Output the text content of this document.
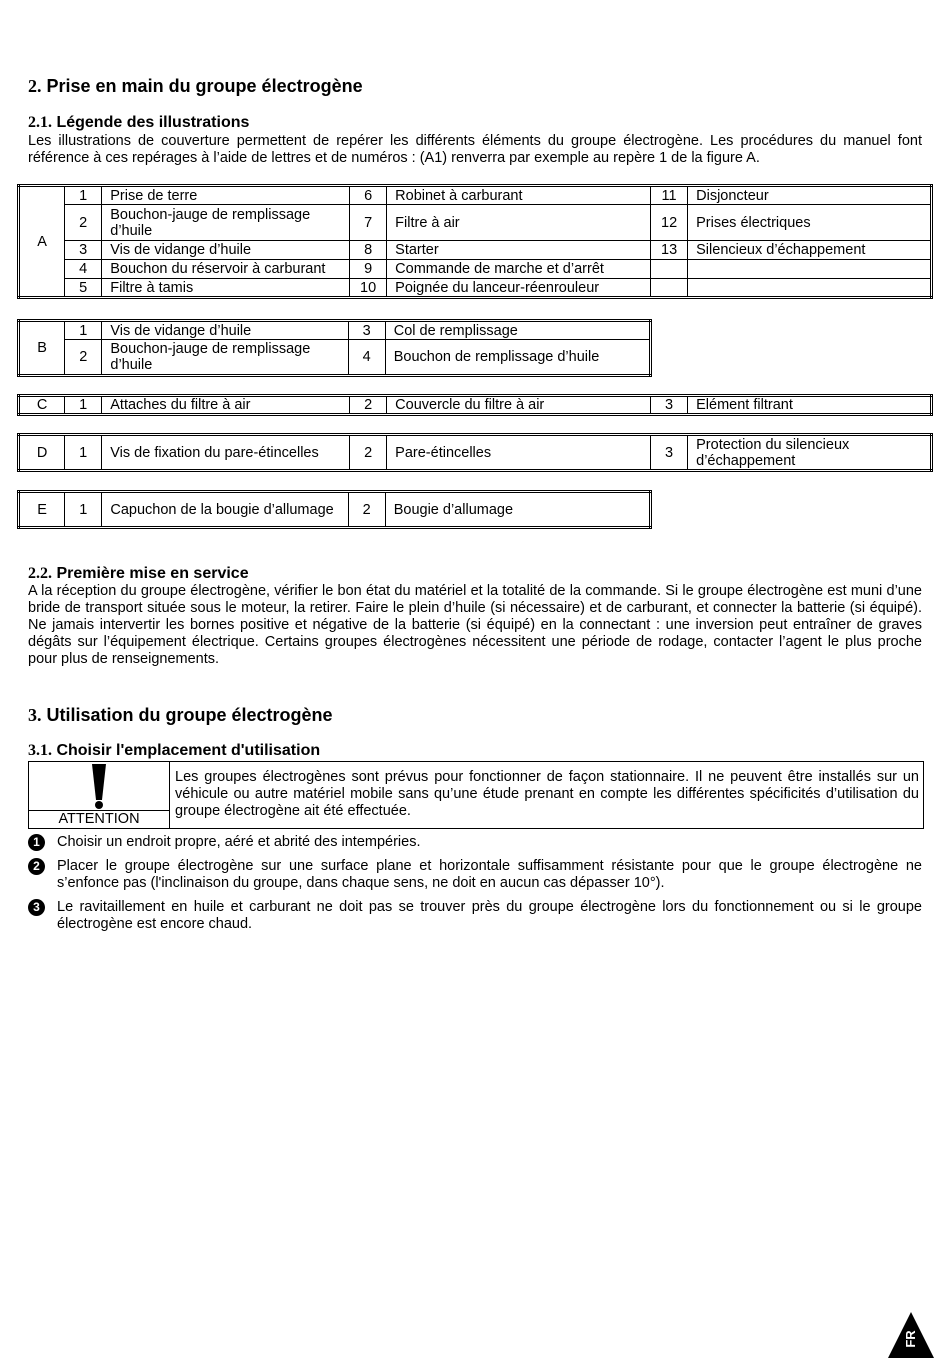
2. Prise en main du groupe électrogène
2.1. Légende des illustrations
Les illustrations de couverture permettent de repérer les différents éléments du groupe électrogène. Les procédures du manuel font référence à ces repérages à l’aide de lettres et de numéros : (A1) renverra par exemple au repère 1 de la figure A.
A	1	Prise de terre	6	Robinet à carburant	11	Disjoncteur
	2	Bouchon-jauge de remplissage d’huile	7	Filtre à air	12	Prises électriques
	3	Vis de vidange d’huile	8	Starter	13	Silencieux d’échappement
	4	Bouchon du réservoir à carburant	9	Commande de marche et d’arrêt		
	5	Filtre à tamis	10	Poignée du lanceur-réenrouleur		
B	1	Vis de vidange d’huile	3	Col de remplissage
	2	Bouchon-jauge de remplissage d’huile	4	Bouchon de remplissage d’huile
C	1	Attaches du filtre à air	2	Couvercle du filtre à air	3	Elément filtrant
D	1	Vis de fixation du pare-étincelles	2	Pare-étincelles	3	Protection du silencieux d’échappement
E	1	Capuchon de la bougie d’allumage	2	Bougie d’allumage
2.2. Première mise en service
A la réception du groupe électrogène, vérifier le bon état du matériel et la totalité de la commande. Si le groupe électrogène est muni d’une bride de transport située sous le moteur, la retirer. Faire le plein d’huile (si nécessaire) et de carburant, et connecter la batterie (si équipé). Ne jamais intervertir les bornes positive et négative de la batterie (si équipé) en la connectant : une inversion peut entraîner de graves dégâts sur l’équipement électrique. Certains groupes électrogènes nécessitent une période de rodage, contacter l’agent le plus proche pour plus de renseignements.
3. Utilisation du groupe électrogène
3.1. Choisir l'emplacement d'utilisation
ATTENTION
Les groupes électrogènes sont prévus pour fonctionner de façon stationnaire. Il ne peuvent être installés sur un véhicule ou autre matériel mobile sans qu’une étude prenant en compte les différentes spécificités d’utilisation du groupe électrogène ait été effectuée.
1	Choisir un endroit propre, aéré et abrité des intempéries.
2	Placer le groupe électrogène sur une surface plane et horizontale suffisamment résistante pour que le groupe électrogène ne s’enfonce pas (l'inclinaison du groupe, dans chaque sens, ne doit en aucun cas dépasser 10°).
3	Le ravitaillement en huile et carburant ne doit pas se trouver près du groupe électrogène lors du fonctionnement ou si le groupe électrogène est encore chaud.
FR
